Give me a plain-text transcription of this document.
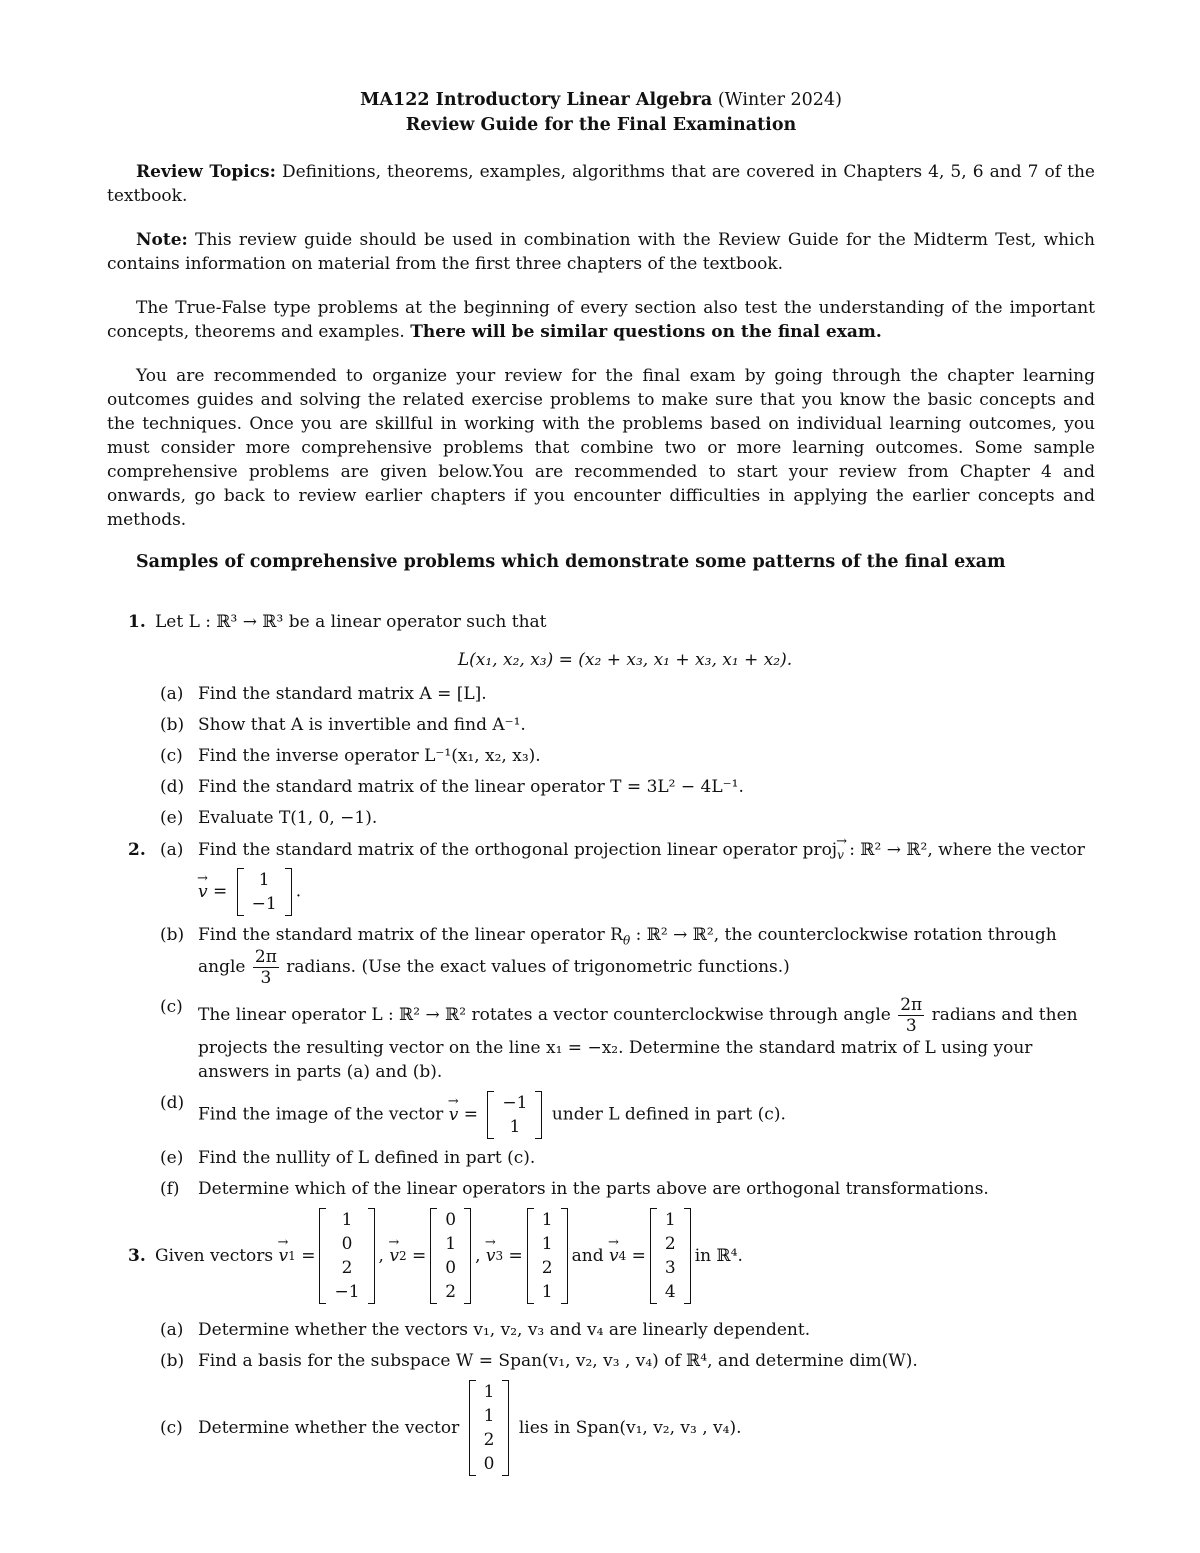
MA122 Introductory Linear Algebra (Winter 2024)
Review Guide for the Final Examination

Review Topics: Definitions, theorems, examples, algorithms that are covered in Chapters 4, 5, 6 and 7 of the textbook.

Note: This review guide should be used in combination with the Review Guide for the Midterm Test, which contains information on material from the first three chapters of the textbook.

The True-False type problems at the beginning of every section also test the understanding of the important concepts, theorems and examples. There will be similar questions on the final exam.

You are recommended to organize your review for the final exam by going through the chapter learning outcomes guides and solving the related exercise problems to make sure that you know the basic concepts and the techniques. Once you are skillful in working with the problems based on individual learning outcomes, you must consider more comprehensive problems that combine two or more learning outcomes. Some sample comprehensive problems are given below.You are recommended to start your review from Chapter 4 and onwards, go back to review earlier chapters if you encounter difficulties in applying the earlier concepts and methods.

Samples of comprehensive problems which demonstrate some patterns of the final exam
1. Let L : ℝ³ → ℝ³ be a linear operator such that
L(x₁, x₂, x₃) = (x₂ + x₃, x₁ + x₃, x₁ + x₂).
(a) Find the standard matrix A = [L].
(b) Show that A is invertible and find A⁻¹.
(c) Find the inverse operator L⁻¹(x₁, x₂, x₃).
(d) Find the standard matrix of the linear operator T = 3L² − 4L⁻¹.
(e) Evaluate T(1, 0, −1).
2. (a) Find the standard matrix of the orthogonal projection linear operator proj$_v$ : ℝ² → ℝ², where the vector
→ v =
1
−1
.
(b) Find the standard matrix of the linear operator $R_\theta$ : ℝ² → ℝ², the counterclockwise rotation through angle $\frac{2\pi}{3}$ radians. (Use the exact values of trigonometric functions.)
(c) The linear operator L : ℝ² → ℝ² rotates a vector counterclockwise through angle $\frac{2\pi}{3}$ radians and then projects the resulting vector on the line x₁ = −x₂. Determine the standard matrix of L using your answers in parts (a) and (b).
(d)
Find the image of the vector → v =
−1
1
under L defined in part (c).
(e) Find the nullity of L defined in part (c).
(f) Determine which of the linear operators in the parts above are orthogonal transformations.
3. Given vectors
→ v 1 =
1
0
2
−1
, → v 2 =
0
1
0
2
, → v 3 =
1
1
2
1
and
→ v 4 =
1
2
3
4
in ℝ⁴.
(a) Determine whether the vectors v₁, v₂, v₃ and v₄ are linearly dependent.
(b) Find a basis for the subspace W = Span(v₁, v₂, v₃ , v₄) of ℝ⁴, and determine dim(W).
(c) Determine whether the vector

1
1
2
0

lies in Span(v₁, v₂, v₃ , v₄).
